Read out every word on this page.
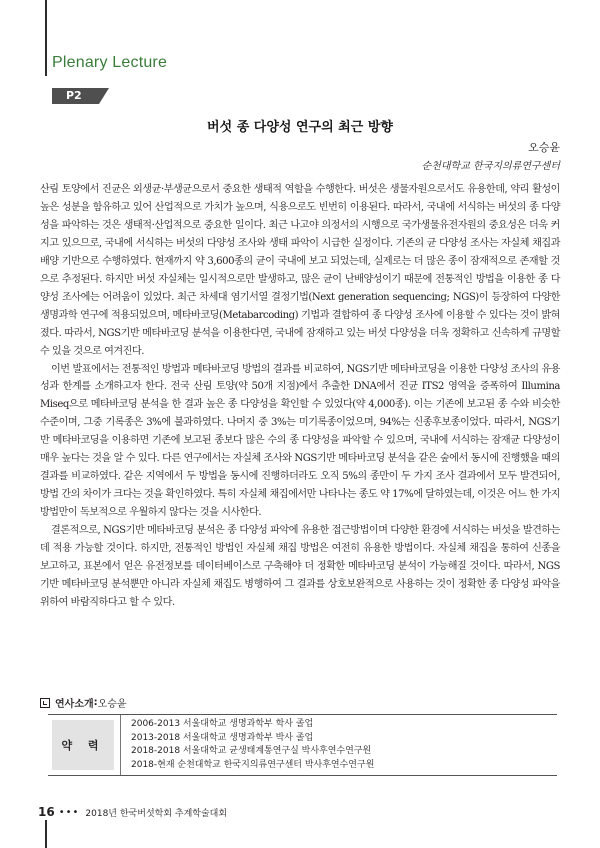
Plenary Lecture
P2
버섯 종 다양성 연구의 최근 방향
오승윤
순천대학교 한국지의류연구센터

산림 토양에서 진균은 외생균·부생균으로서 중요한 생태적 역할을 수행한다. 버섯은 생물자원으로서도 유용한데, 약리 활성이 높은 성분을 함유하고 있어 산업적으로 가치가 높으며, 식용으로도 빈번히 이용된다. 따라서, 국내에 서식하는 버섯의 종 다양성을 파악하는 것은 생태적·산업적으로 중요한 일이다. 최근 나고야 의정서의 시행으로 국가생물유전자원의 중요성은 더욱 커지고 있으므로, 국내에 서식하는 버섯의 다양성 조사와 생태 파악이 시급한 실정이다. 기존의 균 다양성 조사는 자실체 채집과 배양 기반으로 수행하였다. 현재까지 약 3,600종의 균이 국내에 보고 되었는데, 실제로는 더 많은 종이 잠재적으로 존재할 것으로 추정된다. 하지만 버섯 자실체는 일시적으로만 발생하고, 많은 균이 난배양성이기 때문에 전통적인 방법을 이용한 종 다양성 조사에는 어려움이 있었다. 최근 차세대 염기서열 결정기법(Next generation sequencing; NGS)이 등장하여 다양한 생명과학 연구에 적용되었으며, 메타바코딩(Metabarcoding) 기법과 결합하여 종 다양성 조사에 이용할 수 있다는 것이 밝혀졌다. 따라서, NGS기반 메타바코딩 분석을 이용한다면, 국내에 잠재하고 있는 버섯 다양성을 더욱 정확하고 신속하게 규명할 수 있을 것으로 여겨진다.

이번 발표에서는 전통적인 방법과 메타바코딩 방법의 결과를 비교하여, NGS기반 메타바코딩을 이용한 다양성 조사의 유용성과 한계를 소개하고자 한다. 전국 산림 토양(약 50개 지점)에서 추출한 DNA에서 진균 ITS2 영역을 증폭하여 Illumina Miseq으로 메타바코딩 분석을 한 결과 높은 종 다양성을 확인할 수 있었다(약 4,000종). 이는 기존에 보고된 종 수와 비슷한 수준이며, 그중 기록종은 3%에 불과하였다. 나머지 중 3%는 미기록종이었으며, 94%는 신종후보종이었다. 따라서, NGS기반 메타바코딩을 이용하면 기존에 보고된 종보다 많은 수의 종 다양성을 파악할 수 있으며, 국내에 서식하는 잠재균 다양성이 매우 높다는 것을 알 수 있다. 다른 연구에서는 자실체 조사와 NGS기반 메타바코딩 분석을 같은 숲에서 동시에 진행했을 때의 결과를 비교하였다. 같은 지역에서 두 방법을 동시에 진행하더라도 오직 5%의 종만이 두 가지 조사 결과에서 모두 발견되어, 방법 간의 차이가 크다는 것을 확인하였다. 특히 자실체 채집에서만 나타나는 종도 약 17%에 달하였는데, 이것은 어느 한 가지 방법만이 독보적으로 우월하지 않다는 것을 시사한다.

결론적으로, NGS기반 메타바코딩 분석은 종 다양성 파악에 유용한 접근방법이며 다양한 환경에 서식하는 버섯을 발견하는데 적용 가능할 것이다. 하지만, 전통적인 방법인 자실체 채집 방법은 여전히 유용한 방법이다. 자실체 채집을 통하여 신종을 보고하고, 표본에서 얻은 유전정보를 데이터베이스로 구축해야 더 정확한 메타바코딩 분석이 가능해질 것이다. 따라서, NGS기반 메타바코딩 분석뿐만 아니라 자실체 채집도 병행하여 그 결과를 상호보완적으로 사용하는 것이 정확한 종 다양성 파악을 위하여 바람직하다고 할 수 있다.

연사소개 : 오승윤
약 력
2006-2013 서울대학교 생명과학부 학사 졸업
2013-2018 서울대학교 생명과학부 박사 졸업
2018-2018 서울대학교 균생태계통연구실 박사후연수연구원
2018-현재 순천대학교 한국지의류연구센터 박사후연수연구원
16 ••• 2018년 한국버섯학회 추계학술대회
